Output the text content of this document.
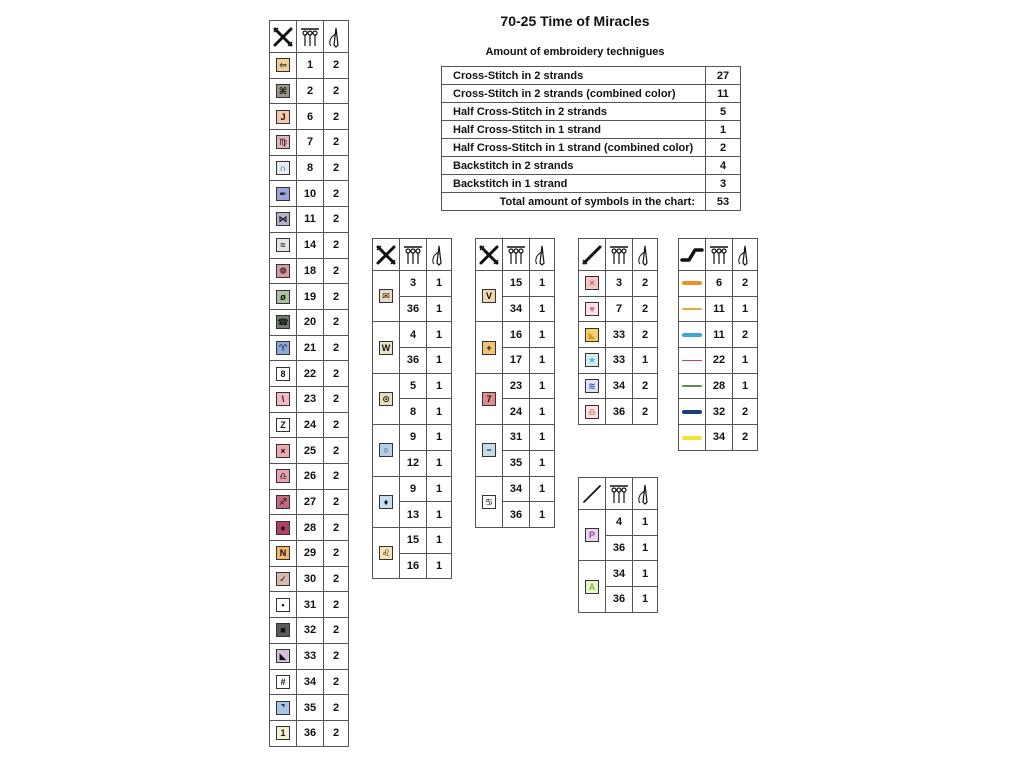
70-25 Time of Miracles
Amount of embroidery technigues
Cross-Stitch in 2 strands	27
Cross-Stitch in 2 strands (combined color)	11
Half Cross-Stitch in 2 strands	5
Half Cross-Stitch in 1 strand	1
Half Cross-Stitch in 1 strand (combined color)	2
Backstitch in 2 strands	4
Backstitch in 1 strand	3
Total amount of symbols in the chart:	53

⇦	1	2
⌘	2	2
J	6	2
♍	7	2
∩	8	2
✒	10	2
⋈	11	2
≈	14	2
❁	18	2
ø	19	2
☎	20	2
♈	21	2
8	22	2
\	23	2
Z	24	2
×	25	2
♎	26	2
♐	27	2
●	28	2
N	29	2
✓	30	2
•	31	2
■	32	2
◣	33	2
#	34	2
⌝	35	2
1	36	2

✉	3	1
	36	1
W	4	1
	36	1
⊙	5	1
	8	1
○	9	1
	12	1
♦	9	1
	13	1
♌	15	1
	16	1

V	15	1
	34	1
+	16	1
	17	1
7	23	1
	24	1
−	31	1
	35	1
♋	34	1
	36	1

✕	3	2
♥	7	2
◣	33	2
★	33	1
≋	34	2
♎	36	2

P	4	1
	36	1
A	34	1
	36	1

	6	2
	11	1
	11	2
	22	1
	28	1
	32	2
	34	2
